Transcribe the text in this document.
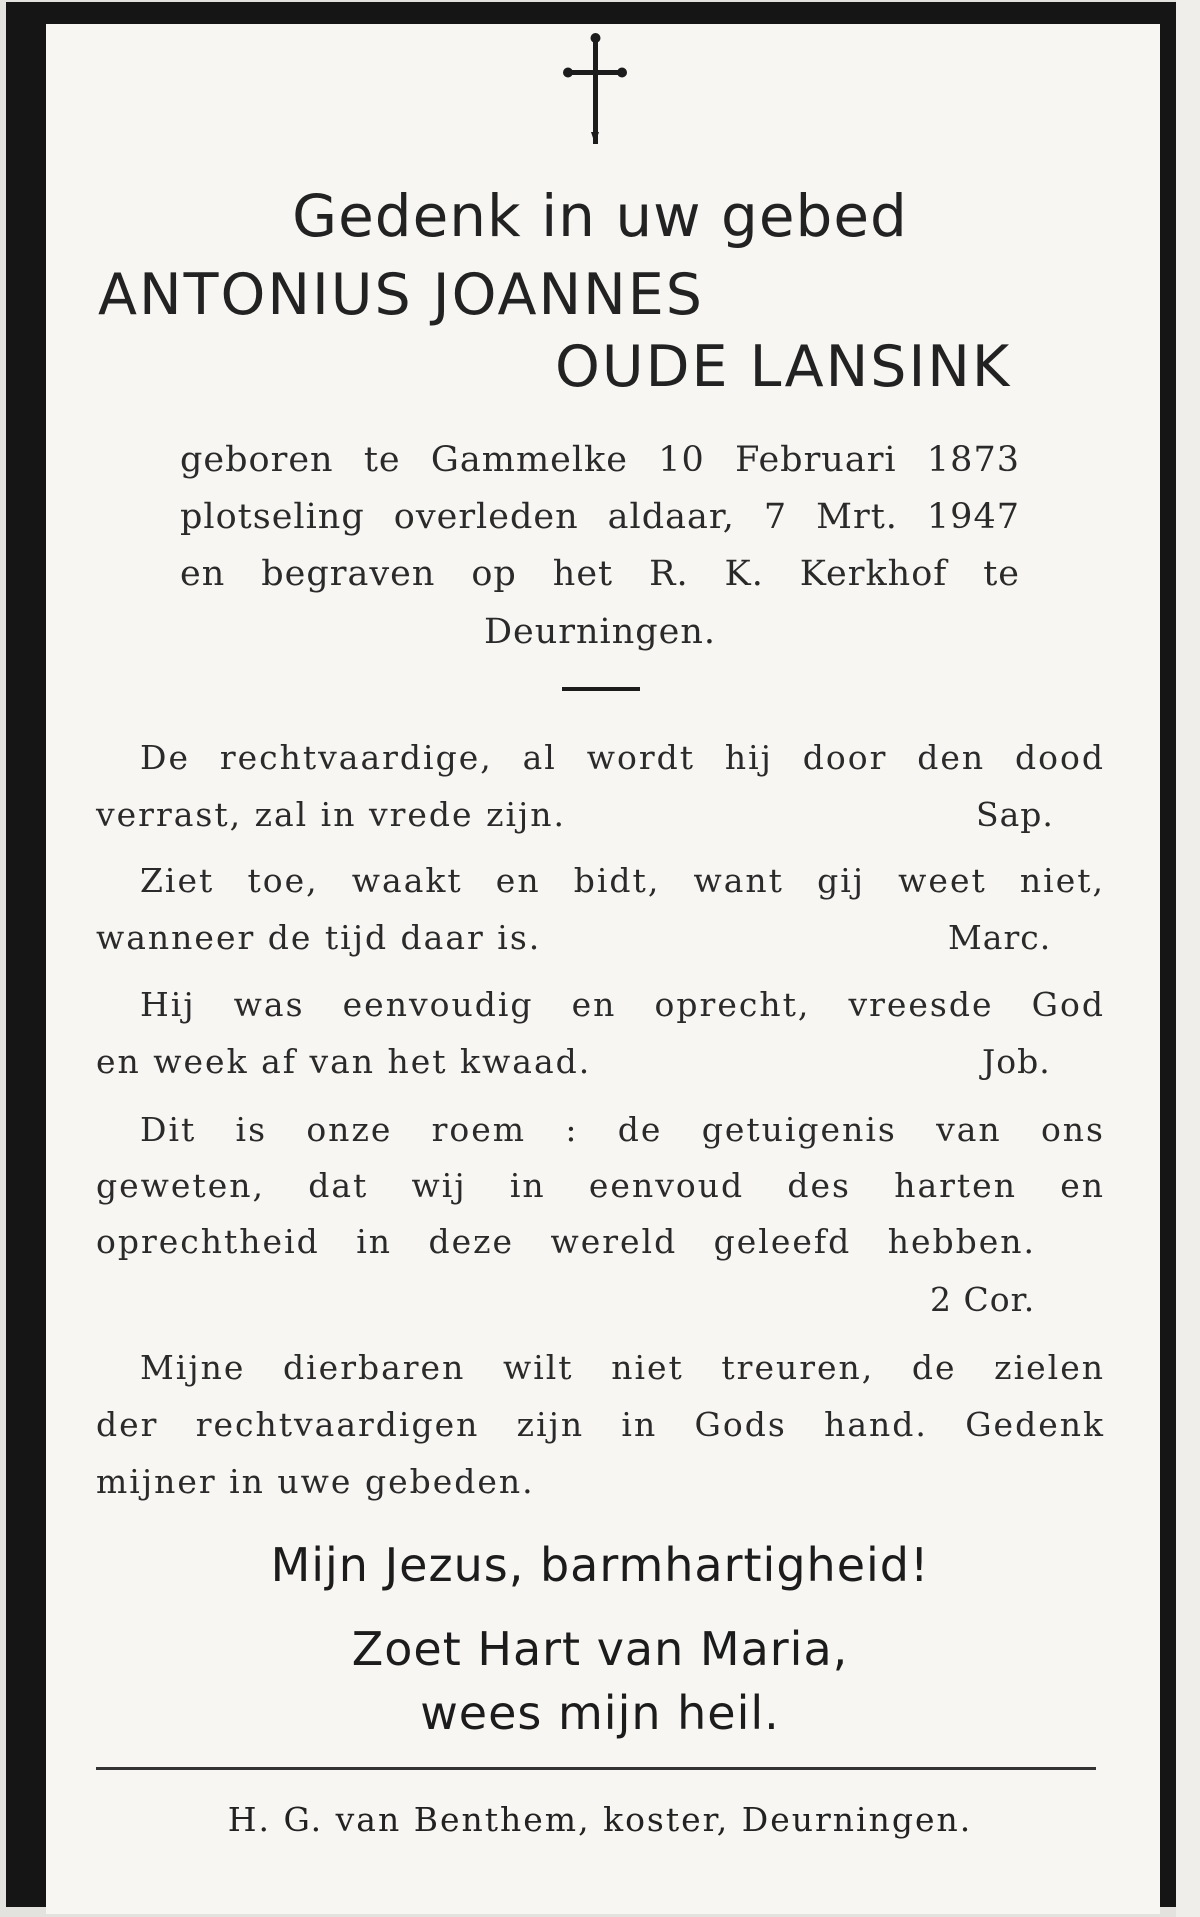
Gedenk in uw gebed
ANTONIUS JOANNES
OUDE LANSINK
geboren te Gammelke 10 Februari 1873
plotseling overleden aldaar, 7 Mrt. 1947
en begraven op het R. K. Kerkhof te
Deurningen.
De rechtvaardige, al wordt hij door den dood
verrast, zal in vrede zijn.	Sap.
Ziet toe, waakt en bidt, want gij weet niet,
wanneer de tijd daar is.	Marc.
Hij was eenvoudig en oprecht, vreesde God
en week af van het kwaad.	Job.
Dit is onze roem : de getuigenis van ons
geweten, dat wij in eenvoud des harten en
oprechtheid in deze wereld geleefd hebben.
2 Cor.
Mijne dierbaren wilt niet treuren, de zielen
der rechtvaardigen zijn in Gods hand. Gedenk
mijner in uwe gebeden.
Mijn Jezus, barmhartigheid!
Zoet Hart van Maria,
wees mijn heil.
H. G. van Benthem, koster, Deurningen.
